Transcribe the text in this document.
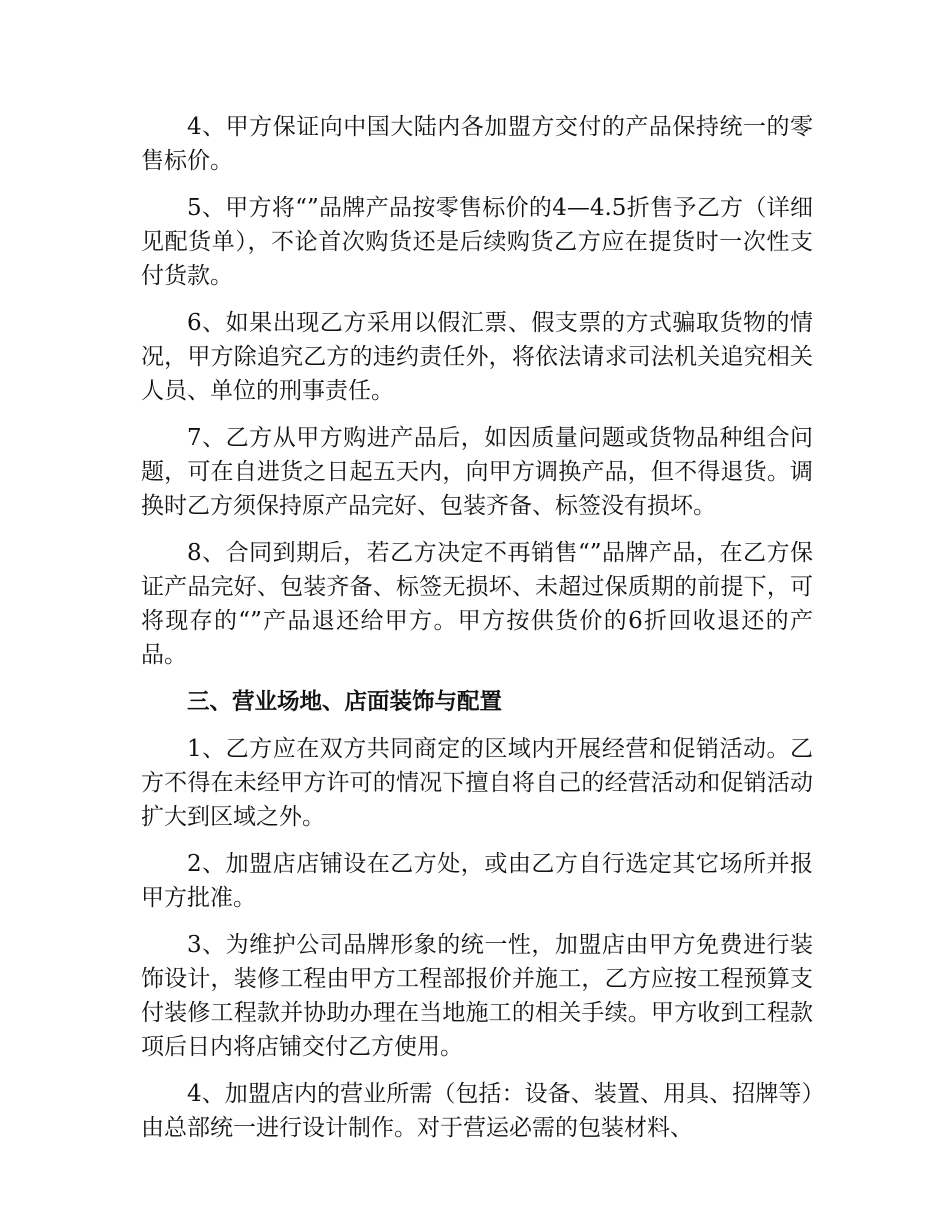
4、甲方保证向中国大陆内各加盟方交付的产品保持统一的零售标价。

5、甲方将“”品牌产品按零售标价的4—4.5折售予乙方（详细见配货单），不论首次购货还是后续购货乙方应在提货时一次性支付货款。

6、如果出现乙方采用以假汇票、假支票的方式骗取货物的情况，甲方除追究乙方的违约责任外，将依法请求司法机关追究相关人员、单位的刑事责任。

7、乙方从甲方购进产品后，如因质量问题或货物品种组合问题，可在自进货之日起五天内，向甲方调换产品，但不得退货。调换时乙方须保持原产品完好、包装齐备、标签没有损坏。

8、合同到期后，若乙方决定不再销售“”品牌产品，在乙方保证产品完好、包装齐备、标签无损坏、未超过保质期的前提下，可将现存的“”产品退还给甲方。甲方按供货价的6折回收退还的产品。

三、营业场地、店面装饰与配置

1、乙方应在双方共同商定的区域内开展经营和促销活动。乙方不得在未经甲方许可的情况下擅自将自己的经营活动和促销活动扩大到区域之外。

2、加盟店店铺设在乙方处，或由乙方自行选定其它场所并报甲方批准。

3、为维护公司品牌形象的统一性，加盟店由甲方免费进行装饰设计，装修工程由甲方工程部报价并施工，乙方应按工程预算支付装修工程款并协助办理在当地施工的相关手续。甲方收到工程款项后日内将店铺交付乙方使用。

4、加盟店内的营业所需（包括：设备、装置、用具、招牌等）由总部统一进行设计制作。对于营运必需的包装材料、
